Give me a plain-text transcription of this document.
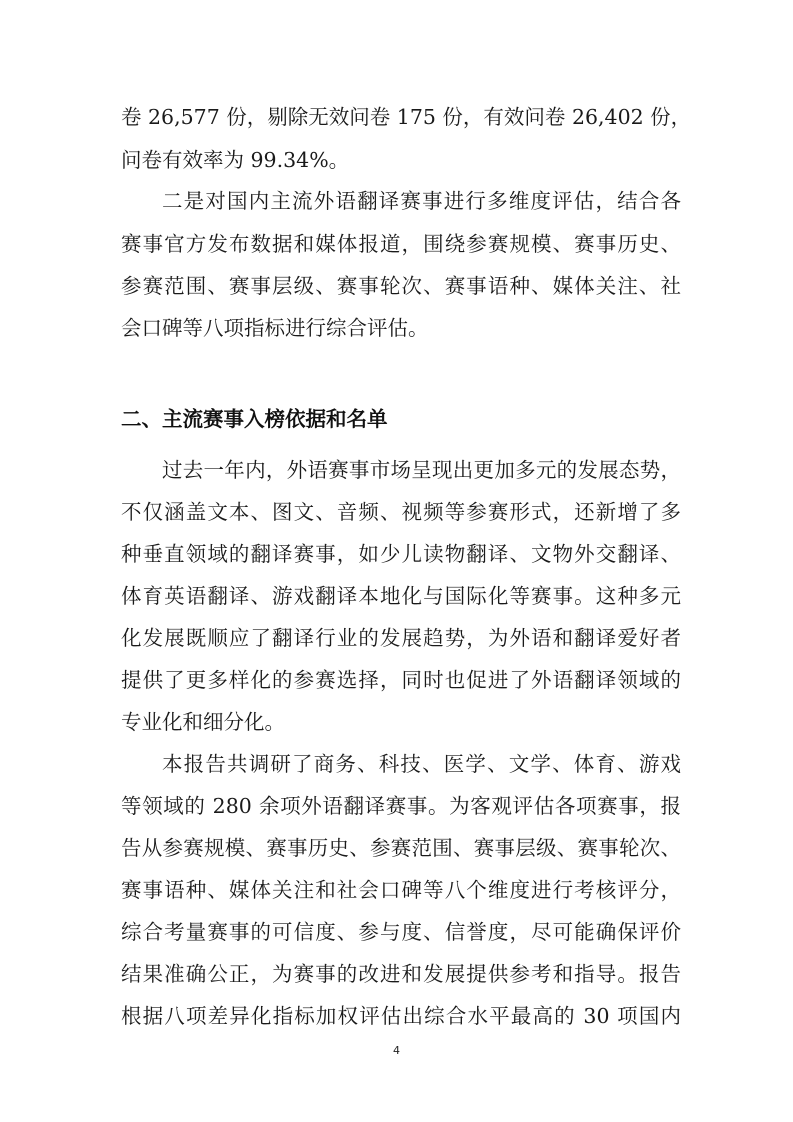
卷 26,577 份，剔除无效问卷 175 份，有效问卷 26,402 份，
问卷有效率为 99.34%。
二是对国内主流外语翻译赛事进行多维度评估，结合各
赛事官方发布数据和媒体报道，围绕参赛规模、赛事历史、
参赛范围、赛事层级、赛事轮次、赛事语种、媒体关注、社
会口碑等八项指标进行综合评估。
二、主流赛事入榜依据和名单
过去一年内，外语赛事市场呈现出更加多元的发展态势，
不仅涵盖文本、图文、音频、视频等参赛形式，还新增了多
种垂直领域的翻译赛事，如少儿读物翻译、文物外交翻译、
体育英语翻译、游戏翻译本地化与国际化等赛事。这种多元
化发展既顺应了翻译行业的发展趋势，为外语和翻译爱好者
提供了更多样化的参赛选择，同时也促进了外语翻译领域的
专业化和细分化。
本报告共调研了商务、科技、医学、文学、体育、游戏
等领域的 280 余项外语翻译赛事。为客观评估各项赛事，报
告从参赛规模、赛事历史、参赛范围、赛事层级、赛事轮次、
赛事语种、媒体关注和社会口碑等八个维度进行考核评分，
综合考量赛事的可信度、参与度、信誉度，尽可能确保评价
结果准确公正，为赛事的改进和发展提供参考和指导。报告
根据八项差异化指标加权评估出综合水平最高的 30 项国内
4
